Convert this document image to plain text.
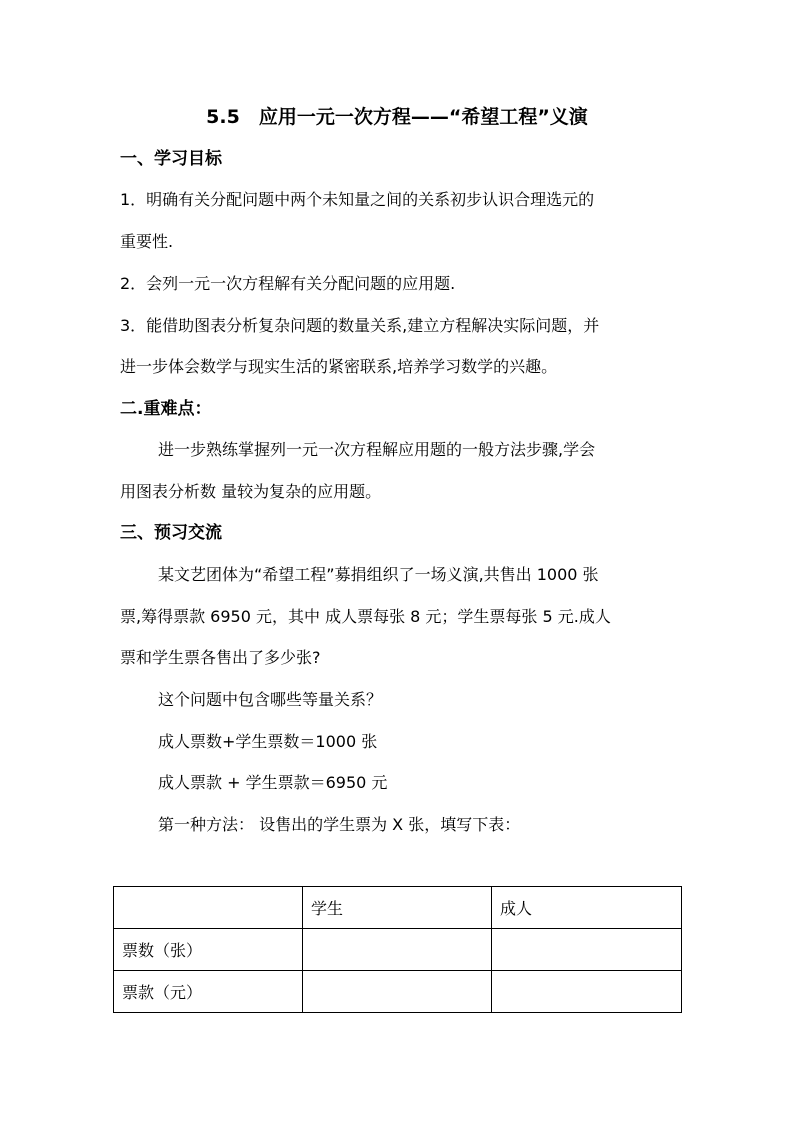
5.5　应用一元一次方程——“希望工程”义演
一、学习目标
1．明确有关分配问题中两个未知量之间的关系初步认识合理选元的
重要性.
2．会列一元一次方程解有关分配问题的应用题.
3．能借助图表分析复杂问题的数量关系,建立方程解决实际问题，并
进一步体会数学与现实生活的紧密联系,培养学习数学的兴趣。
二.重难点：
进一步熟练掌握列一元一次方程解应用题的一般方法步骤,学会
用图表分析数 量较为复杂的应用题。
三、预习交流
某文艺团体为“希望工程”募捐组织了一场义演,共售出 1000 张
票,筹得票款 6950 元，其中 成人票每张 8 元；学生票每张 5 元.成人
票和学生票各售出了多少张?
这个问题中包含哪些等量关系？
成人票数+学生票数＝1000 张
成人票款 + 学生票款＝6950 元
第一种方法： 设售出的学生票为 X 张，填写下表：
	学生	成人
票数（张）		
票款（元）		
